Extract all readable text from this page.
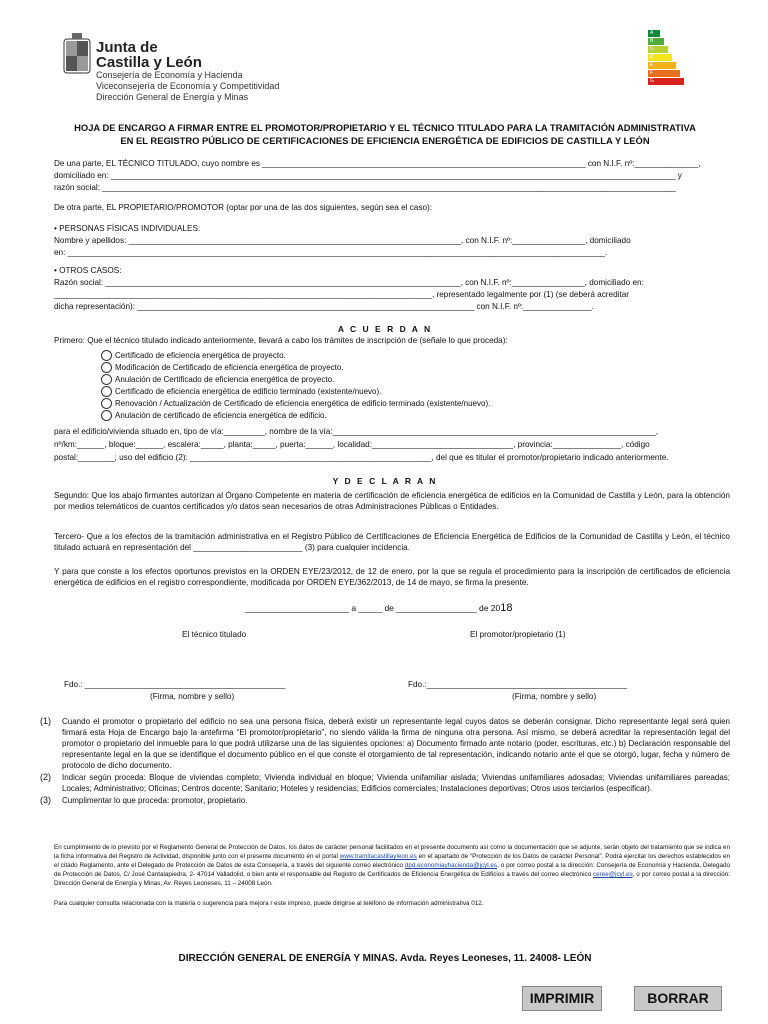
Junta de
Castilla y León
Consejería de Economía y Hacienda
Viceconsejería de Economía y Competitividad
Dirección General de Energía y Minas
A
B
C
D
E
F
G
HOJA DE ENCARGO A FIRMAR ENTRE EL PROMOTOR/PROPIETARIO Y EL TÉCNICO TITULADO PARA LA TRAMITACIÓN ADMINISTRATIVA
EN EL REGISTRO PÚBLICO DE CERTIFICACIONES DE EFICIENCIA ENERGÉTICA DE EDIFICIOS DE CASTILLA Y LEÓN
De una parte, EL TÉCNICO TITULADO, cuyo nombre es _______________________________________________________________________ con N.I.F. nº:______________,
domiciliado en: ____________________________________________________________________________________________________________________________ y
razón social: ______________________________________________________________________________________________________________________________
De otra parte, EL PROPIETARIO/PROMOTOR (optar por una de las dos siguientes, según sea el caso):
• PERSONAS FÍSICAS INDIVIDUALES:
Nombre y apellidos: _________________________________________________________________________, con N.I.F. nº:________________, domiciliado
en: ______________________________________________________________________________________________________________________.
• OTROS CASOS:
Razón social: ______________________________________________________________________________, con N.I.F. nº:________________, domiciliado en:
___________________________________________________________________________________, representado legalmente por (1) (se deberá acreditar
dicha representación): __________________________________________________________________________ con N.I.F. nº:_______________.
A C U E R D A N
Primero: Que el técnico titulado indicado anteriormente, llevará a cabo los trámites de inscripción de (señale lo que proceda):
Certificado de eficiencia energética de proyecto.
Modificación de Certificado de eficiencia energética de proyecto.
Anulación de Certificado de eficiencia energética de proyecto.
Certificado de eficiencia energética de edificio terminado (existente/nuevo).
Renovación / Actualización de Certificado de eficiencia energética de edificio terminado (existente/nuevo).
Anulación de certificado de eficiencia energética de edificio.
para el edificio/vivienda situado en, tipo de vía:_________, nombre de la vía:_______________________________________________________________________,
nº/km:______, bloque:______, escalera:_____, planta:_____, puerta:______, localidad:_______________________________, provincia:_______________, código
postal:________; uso del edificio (2): _____________________________________________________, del que es titular el promotor/propietario indicado anteriormente.
Y D E C L A R A N
Segundo: Que los abajo firmantes autorizan al Órgano Competente en materia de certificación de eficiencia energética de edificios en la Comunidad de Castilla y León, para la obtención por medios telemáticos de cuantos certificados y/o datos sean necesarios de otras Administraciones Públicas o Entidades.
Tercero- Que a los efectos de la tramitación administrativa en el Registro Público de Certificaciones de Eficiencia Energética de Edificios de la Comunidad de Castilla y León, el técnico titulado actuará en representación del ________________________ (3) para cualquier incidencia.
Y para que conste a los efectos oportunos previstos en la ORDEN EYE/23/2012, de 12 de enero, por la que se regula el procedimiento para la inscripción de certificados de eficiencia energética de edificios en el registro correspondiente, modificada por ORDEN EYE/362/2013, de 14 de mayo, se firma la presente.
______________________ a _____ de _________________ de 2018
El técnico titulado	El promotor/propietario (1)
Fdo.: ____________________________________________	Fdo.:____________________________________________
(Firma, nombre y sello)	(Firma, nombre y sello)
(1)	Cuando el promotor o propietario del edificio no sea una persona física, deberá existir un representante legal cuyos datos se deberán consignar. Dicho representante legal será quien firmará esta Hoja de Encargo bajo la antefirma “El promotor/propietario”, no siendo válida la firma de ninguna otra persona. Así mismo, se deberá acreditar la representación legal del promotor o propietario del inmueble para lo que podrá utilizarse una de las siguientes opciones: a) Documento firmado ante notario (poder, escrituras, etc.) b) Declaración responsable del representante legal en la que se identifique el documento público en el que conste el otorgamiento de tal representación, indicando notario ante el que se otorgó, lugar, fecha y número de protocolo de dicho documento.
(2)	Indicar según proceda: Bloque de viviendas completo; Vivienda individual en bloque; Vivienda unifamiliar aislada; Viviendas unifamiliares adosadas; Viviendas unifamiliares pareadas; Locales; Administrativo; Oficinas; Centros docente; Sanitario; Hoteles y residencias; Edificios comerciales; Instalaciones deportivas; Otros usos terciarios (especificar).
(3)	Cumplimentar lo que proceda: promotor, propietario.
En cumplimiento de lo previsto por el Reglamento General de Protección de Datos, los datos de carácter personal facilitados en el presente documento así como la documentación que se adjunte, serán objeto del tratamiento que se indica en la ficha informativa del Registro de Actividad, disponible junto con el presente documento en el portal www.tramitacastillayleon.es en el apartado de “Protección de los Datos de carácter Personal”. Podrá ejercitar los derechos establecidos en el citado Reglamento, ante el Delegado de Protección de Datos de esta Consejería, a través del siguiente correo electrónico dpd.economiayhacienda@jcyl.es, o por correo postal a la dirección: Consejería de Economía y Hacienda, Delegado de Protección de Datos, C/ José Cantalapiedra, 2- 47014 Valladolid, o bien ante el responsable del Registro de Certificados de Eficiencia Energética de Edificios a través del correo electrónico ceree@jcyl.es, o por correo postal a la dirección: Dirección General de Energía y Minas, Av. Reyes Leoneses, 11 – 24008 León.
Para cualquier consulta relacionada con la materia o sugerencia para mejora r este impreso, puede dirigirse al teléfono de información administrativa 012.
DIRECCIÓN GENERAL DE ENERGÍA Y MINAS. Avda. Reyes Leoneses, 11. 24008- LEÓN
IMPRIMIR	BORRAR
